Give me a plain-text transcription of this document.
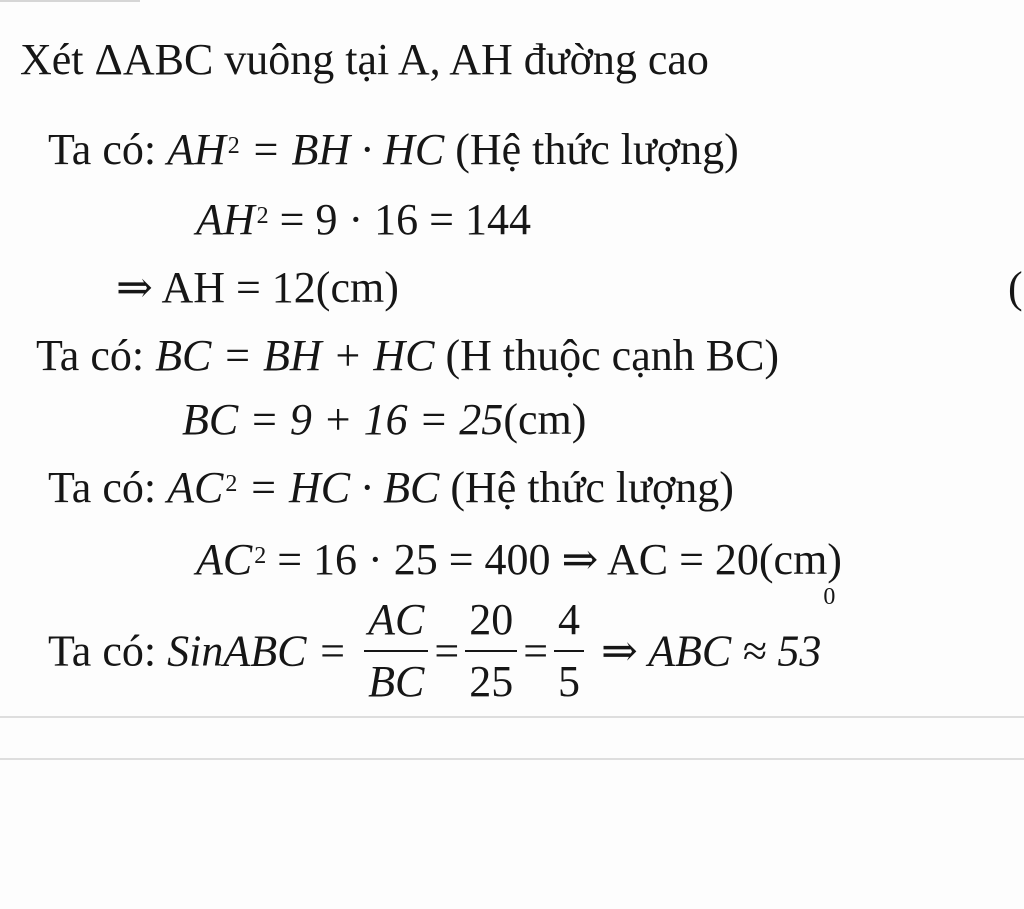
Xét ΔABC vuông tại A, AH đường cao
Ta có: $AH^2$ = BH · HC (Hệ thức lượng)
$AH^2 = 9 \cdot 16 = 144$
⇒ AH = 12(cm)	(
Ta có: BC = BH + HC (H thuộc cạnh BC)
BC = 9 + 16 = 25(cm)
Ta có: $AC^2$ = HC · BC (Hệ thức lượng)
$AC^2 = 16 \cdot 25 = 400$ ⇒ AC = 20(cm)
Ta có: SinABC = $\frac{AC}{BC} = \frac{20}{25} = \frac{4}{5}$ ⇒ ABC ≈ $53^0$
